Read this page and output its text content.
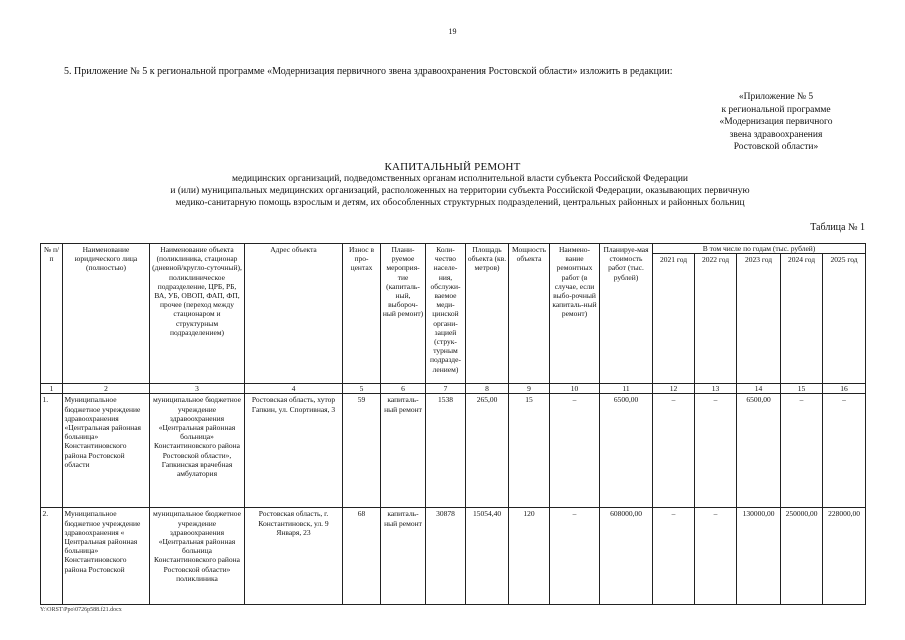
19
5. Приложение № 5 к региональной программе «Модернизация первичного звена здравоохранения Ростовской области» изложить в редакции:
«Приложение № 5
к региональной программе
«Модернизация первичного
звена здравоохранения
Ростовской области»
КАПИТАЛЬНЫЙ РЕМОНТ
медицинских организаций, подведомственных органам исполнительной власти субъекта Российской Федерации
и (или) муниципальных медицинских организаций, расположенных на территории субъекта Российской Федерации, оказывающих первичную
медико-санитарную помощь взрослым и детям, их обособленных структурных подразделений, центральных районных и районных больниц
Таблица № 1
№ п/п	Наименование юридического лица (полностью)	Наименование объекта (поликлиника, стационар (дневной/кругло-суточный), поликлиническое подразделение, ЦРБ, РБ, ВА, УБ, ОВОП, ФАП, ФП, прочее (переход между стационаром и структурным подразделением)	Адрес объекта	Износ в про-центах	Плани-руемое мероприя-тие (капиталь-ный, выбороч-ный ремонт)	Коли-чество населе-ния, обслужи-ваемое меди-цинской органи-зацией (струк-турным подразде-лением)	Площадь объекта (кв. метров)	Мощность объекта	Наимено-вание ремонтных работ (в случае, если выбо-рочный капиталь-ный ремонт)	Планируе-мая стоимость работ (тыс. рублей)	В том числе по годам (тыс. рублей)				
											2021 год	2022 год	2023 год	2024 год	2025 год
1	2	3	4	5	6	7	8	9	10	11	12	13	14	15	16
1.	Муниципальное бюджетное учреждение здравоохранения «Центральная районная больница» Константиновского района Ростовской области	муниципальное бюджетное учреждение здравоохранения «Центральная районная больница» Константиновского района Ростовской области», Гапкинская врачебная амбулатория	Ростовская область, хутор Гапкин, ул. Спортивная, 3	59	капиталь-ный ремонт	1538	265,00	15	–	6500,00	–	–	6500,00	–	–
2.	Муниципальное бюджетное учреждение здравоохранения « Центральная районная больница» Константиновского района Ростовской	муниципальное бюджетное учреждение здравоохранения «Центральная районная больница Константиновского района Ростовской области» поликлиника	Ростовская область, г. Константиновск, ул. 9 Января, 23	68	капиталь-ный ремонт	30878	15054,40	120	–	608000,00	–	–	130000,00	250000,00	228000,00
Y:\ORST\Ppo\0726p588.f21.docx
